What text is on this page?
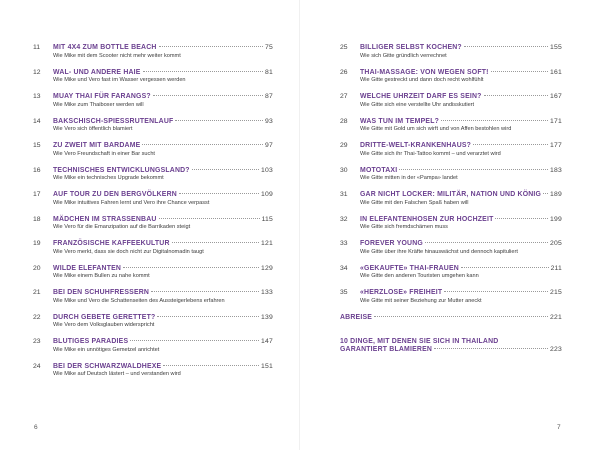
11	MIT 4X4 ZUM BOTTLE BEACH	75
Wie Mike mit dem Scooter nicht mehr weiter kommt
12	WAL- UND ANDERE HAIE	81
Wie Mike und Vero fast im Wasser vergessen werden
13	MUAY THAI FÜR FARANGS?	87
Wie Mike zum Thaiboxer werden will
14	BAKSCHISCH-SPIESSRUTENLAUF	93
Wie Vero sich öffentlich blamiert
15	ZU ZWEIT MIT BARDAME	97
Wie Vero Freundschaft in einer Bar sucht
16	TECHNISCHES ENTWICKLUNGSLAND?	103
Wie Mike ein technisches Upgrade bekommt
17	AUF TOUR ZU DEN BERGVÖLKERN	109
Wie Mike intuitives Fahren lernt und Vero ihre Chance verpasst
18	MÄDCHEN IM STRASSENBAU	115
Wie Vero für die Emanzipation auf die Barrikaden steigt
19	FRANZÖSISCHE KAFFEEKULTUR	121
Wie Vero merkt, dass sie doch nicht zur Digitalnomadin taugt
20	WILDE ELEFANTEN	129
Wie Mike einem Bullen zu nahe kommt
21	BEI DEN SCHUHFRESSERN	133
Wie Mike und Vero die Schattenseiten des Aussteigerlebens erfahren
22	DURCH GEBETE GERETTET?	139
Wie Vero dem Volksglauben widerspricht
23	BLUTIGES PARADIES	147
Wie Mike ein unnötiges Gemetzel anrichtet
24	BEI DER SCHWARZWALDHEXE	151
Wie Mike auf Deutsch lästert – und verstanden wird
6
25	BILLIGER SELBST KOCHEN?	155
Wie sich Gitte gründlich verrechnet
26	THAI-MASSAGE: VON WEGEN SOFT!	161
Wie Gitte gestreckt und dann doch recht wohlfühlt
27	WELCHE UHRZEIT DARF ES SEIN?	167
Wie Gitte sich eine verstellte Uhr andisskutiert
28	WAS TUN IM TEMPEL?	171
Wie Gitte mit Gold um sich wirft und von Affen bestohlen wird
29	DRITTE-WELT-KRANKENHAUS?	177
Wie Gitte sich ihr Thai-Tattoo kommt – und verarztet wird
30	MOTOTAXI	183
Wie Gitte mitten in der «Pampa» landet
31	GAR NICHT LOCKER: MILITÄR, NATION UND KÖNIG 189
Wie Gitte mit den Falschen Spaß haben will
32	IN ELEFANTENHOSEN ZUR HOCHZEIT	199
Wie Gitte sich fremdschämen muss
33	FOREVER YOUNG	205
Wie Gitte über ihre Kräfte hinauswächst und dennoch kapituliert
34	«GEKAUFTE» THAI-FRAUEN	211
Wie Gitte den anderen Touristen umgehen kann
35	«HERZLOSE» FREIHEIT	215
Wie Gitte mit seiner Beziehung zur Mutter aneckt
ABREISE	221
10 DINGE, MIT DENEN SIE SICH IN THAILAND
GARANTIERT BLAMIEREN	223
7
